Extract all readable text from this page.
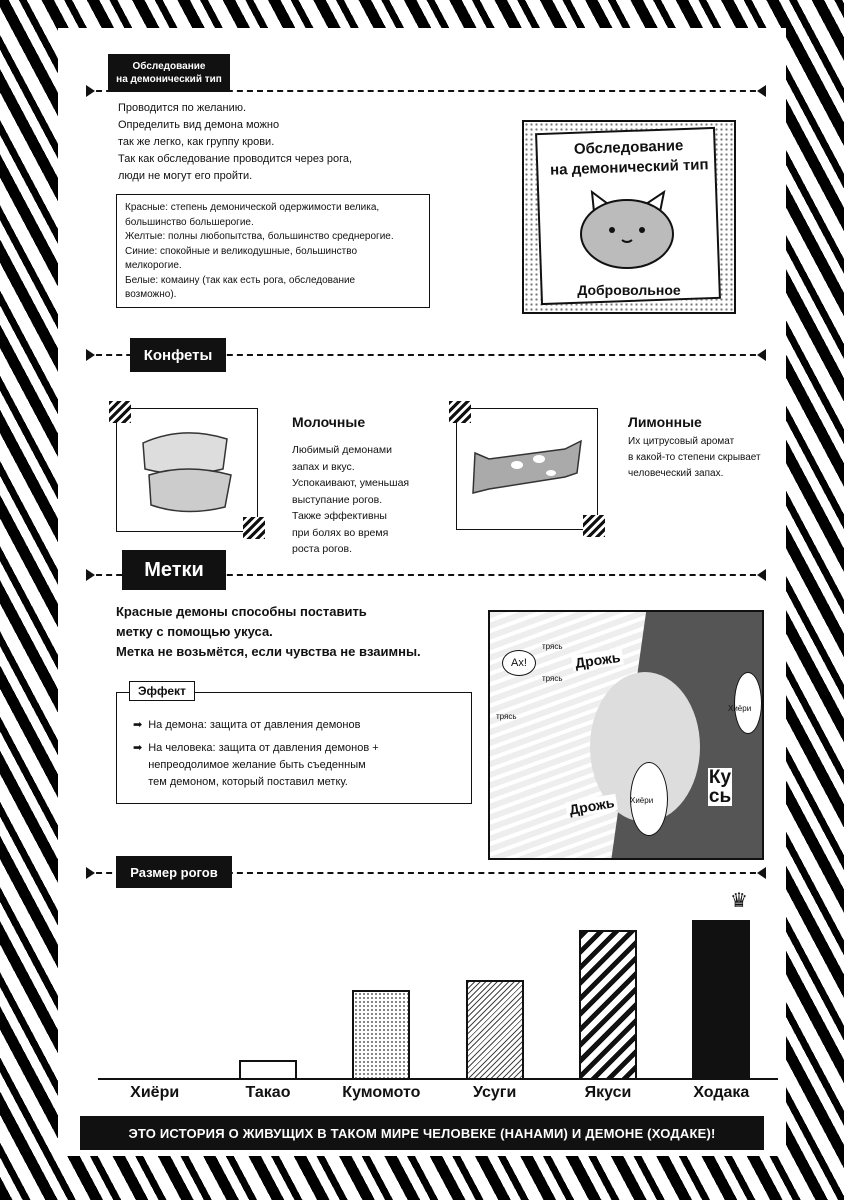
Обследование
на демонический тип
Проводится по желанию.
Определить вид демона можно
так же легко, как группу крови.
Так как обследование проводится через рога,
люди не могут его пройти.
Красные: степень демонической одержимости велика,
большинство большерогие.
Желтые: полны любопытства, большинство среднерогие.
Синие: спокойные и великодушные, большинство
мелкорогие.
Белые: комаину (так как есть рога, обследование
возможно).
Обследование
на демонический тип
Добровольное
Конфеты
Молочные
Любимый демонами
запах и вкус.
Успокаивают, уменьшая
выступание рогов.
Также эффективны
при болях во время
роста рогов.
Лимонные
Их цитрусовый аромат
в какой-то степени скрывает
человеческий запах.
Метки
Красные демоны способны поставить
метку с помощью укуса.
Метка не возьмётся, если чувства не взаимны.
Эффект
➡ На демона: защита от давления демонов
➡ На человека: защита от давления демонов +
непреодолимое желание быть съеденным
тем демоном, который поставил метку.
Ах!
трясь
трясь
трясь
Дрожь
Дрожь
Хиёри
Хиёри
Кусь
Размер рогов
♛
Хиёри	Такао	Кумомото	Усуги	Якуси	Ходака
ЭТО ИСТОРИЯ О ЖИВУЩИХ В ТАКОМ МИРЕ ЧЕЛОВЕКЕ (НАНАМИ) И ДЕМОНЕ (ХОДАКЕ)!
